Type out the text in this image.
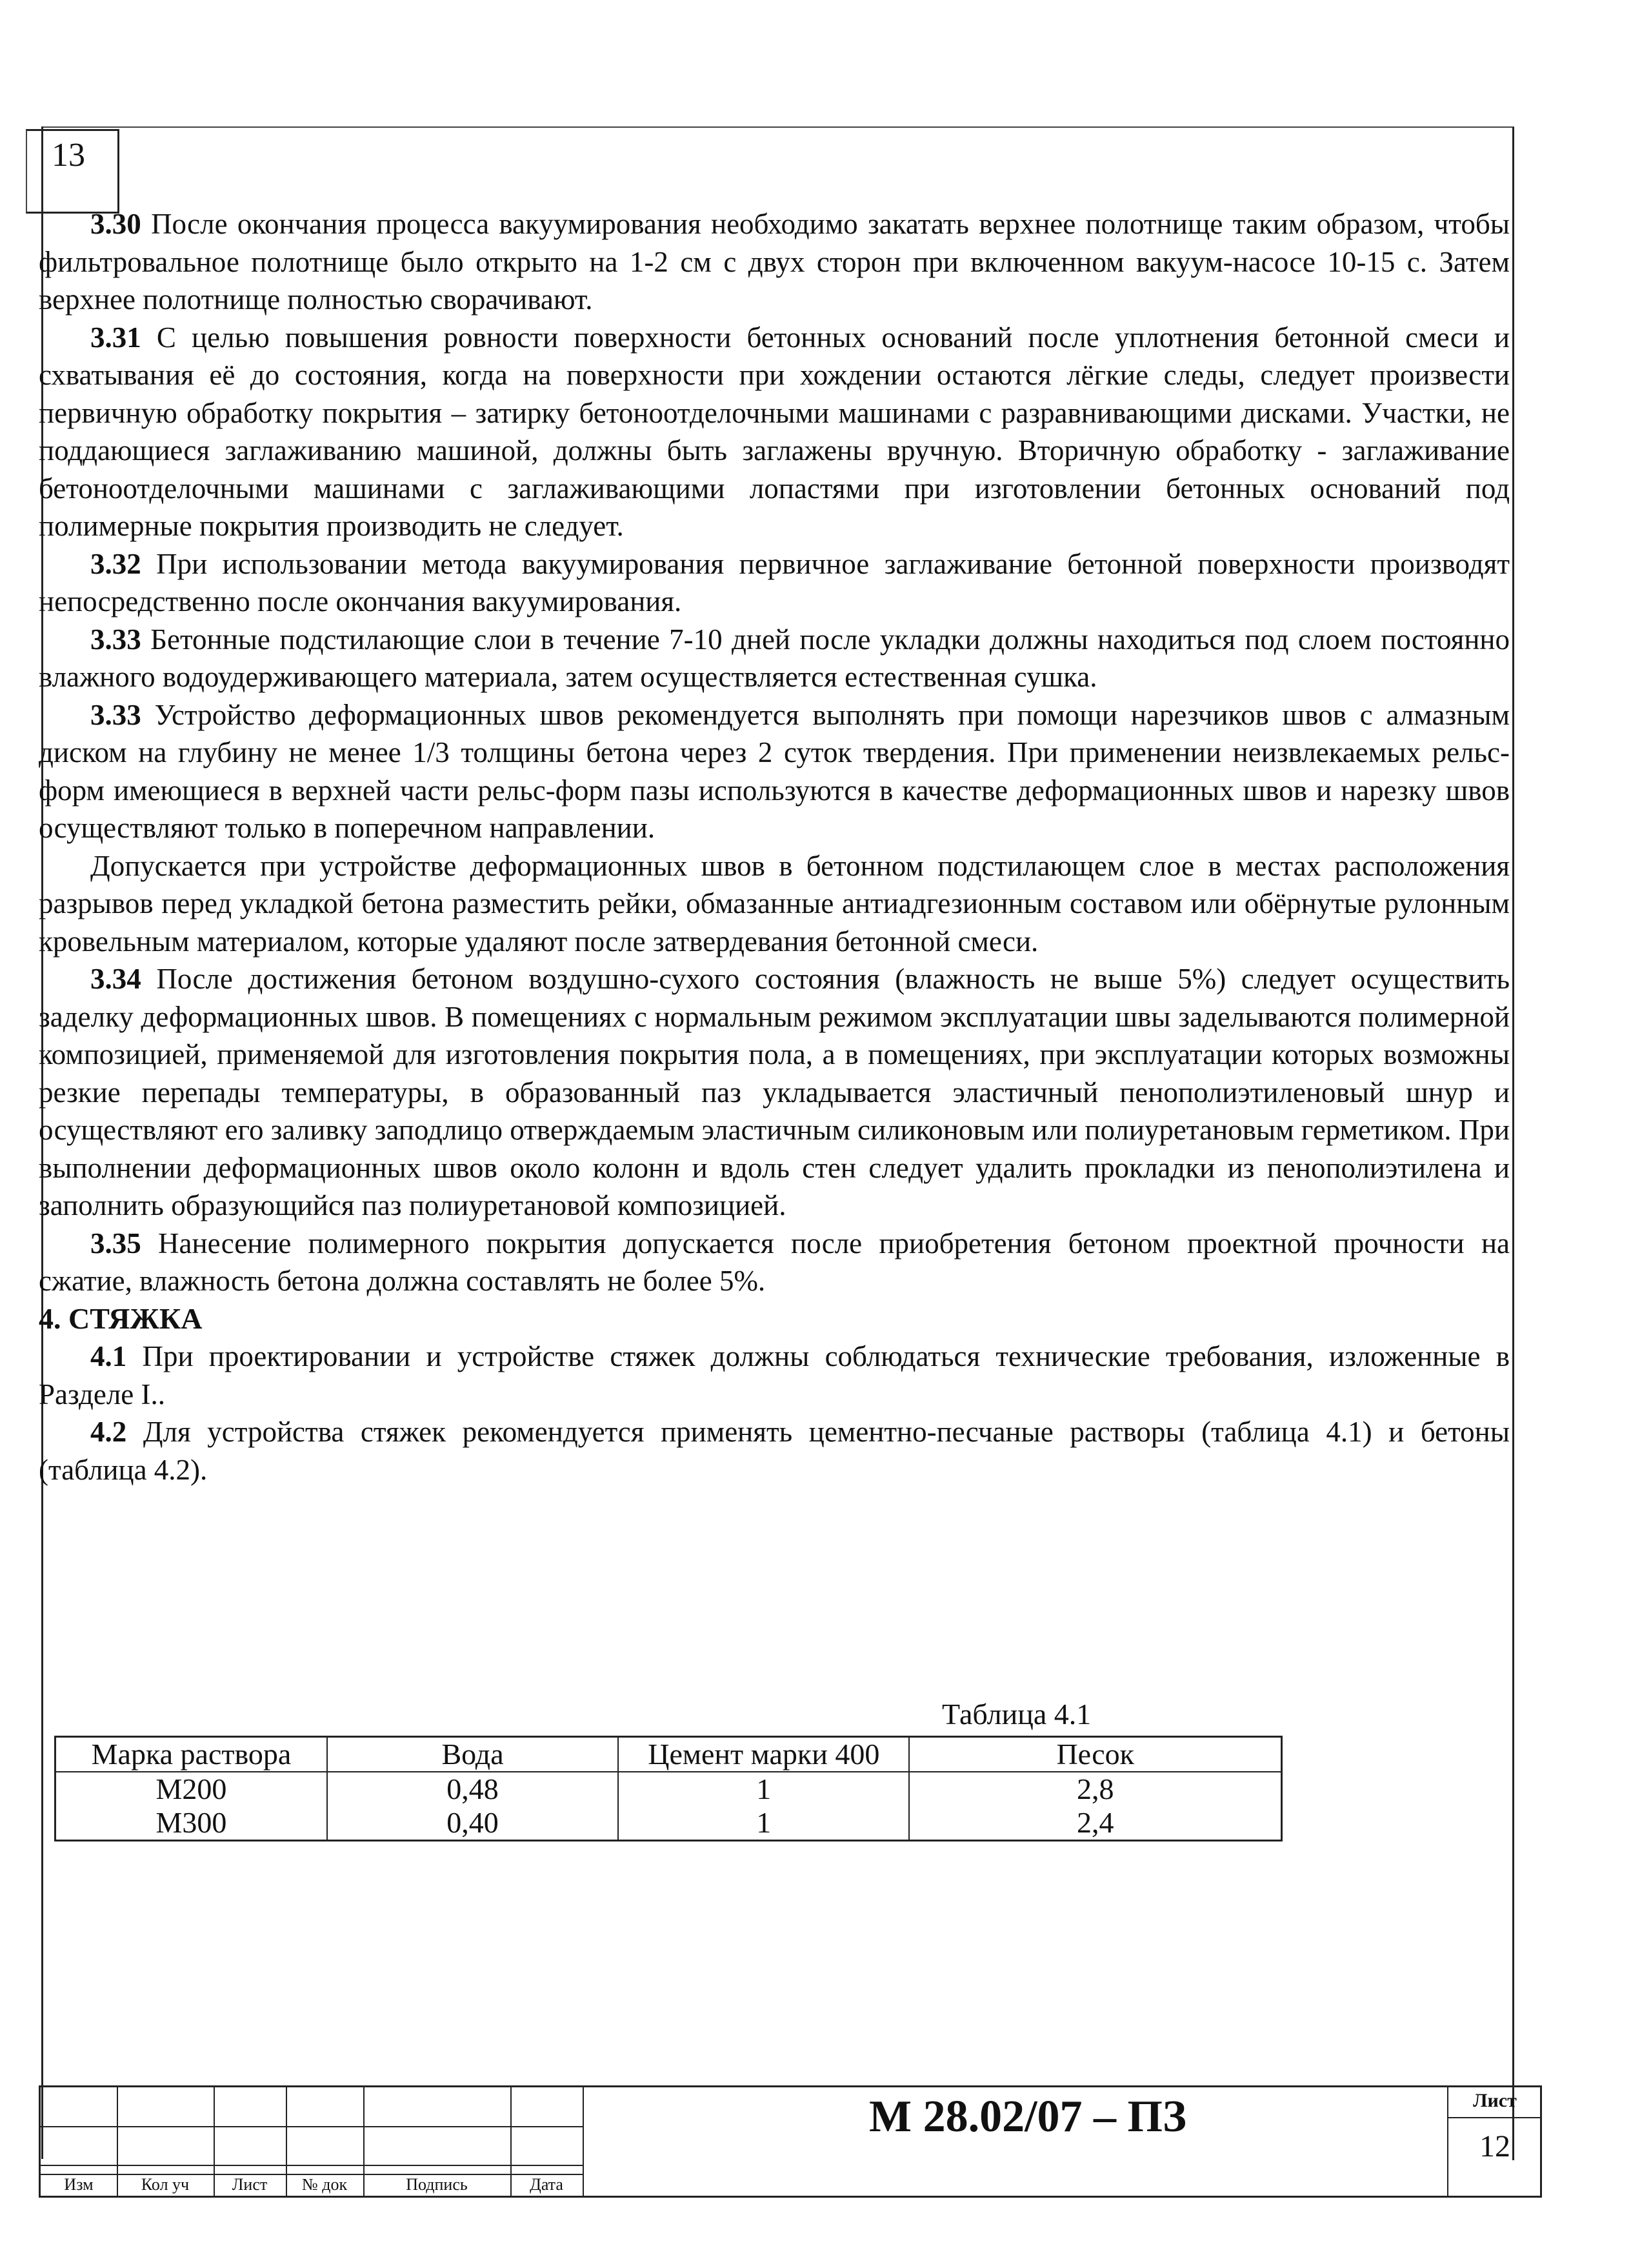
13

3.30 После окончания процесса вакуумирования необходимо закатать верхнее полотнище таким образом, чтобы фильтровальное полотнище было открыто на 1-2 см с двух сторон при включенном вакуум-насосе 10-15 с. Затем верхнее полотнище полностью сворачивают.

3.31 С целью повышения ровности поверхности бетонных оснований после уплотнения бетонной смеси и схватывания её до состояния, когда на поверхности при хождении остаются лёгкие следы, следует произвести первичную обработку покрытия – затирку бетоноотделочными машинами с разравнивающими дисками. Участки, не поддающиеся заглаживанию машиной, должны быть заглажены вручную. Вторичную обработку - заглаживание бетоноотделочными машинами с заглаживающими лопастями при изготовлении бетонных оснований под полимерные покрытия производить не следует.

3.32 При использовании метода вакуумирования первичное заглаживание бетонной поверхности производят непосредственно после окончания вакуумирования.

3.33 Бетонные подстилающие слои в течение 7-10 дней после укладки должны находиться под слоем постоянно влажного водоудерживающего материала, затем осуществляется естественная сушка.

3.33 Устройство деформационных швов рекомендуется выполнять при помощи нарезчиков швов с алмазным диском на глубину не менее 1/3 толщины бетона через 2 суток твердения. При применении неизвлекаемых рельс-форм имеющиеся в верхней части рельс-форм пазы используются в качестве деформационных швов и нарезку швов осуществляют только в поперечном направлении.

Допускается при устройстве деформационных швов в бетонном подстилающем слое в местах расположения разрывов перед укладкой бетона разместить рейки, обмазанные антиадгезионным составом или обёрнутые рулонным кровельным материалом, которые удаляют после затвердевания бетонной смеси.

3.34 После достижения бетоном воздушно-сухого состояния (влажность не выше 5%) следует осуществить заделку деформационных швов. В помещениях с нормальным режимом эксплуатации швы заделываются полимерной композицией, применяемой для изготовления покрытия пола, а в помещениях, при эксплуатации которых возможны резкие перепады температуры, в образованный паз укладывается эластичный пенополиэтиленовый шнур и осуществляют его заливку заподлицо отверждаемым эластичным силиконовым или полиуретановым герметиком. При выполнении деформационных швов около колонн и вдоль стен следует удалить прокладки из пенополиэтилена и заполнить образующийся паз полиуретановой композицией.

3.35 Нанесение полимерного покрытия допускается после приобретения бетоном проектной прочности на сжатие, влажность бетона должна составлять не более 5%.

4. СТЯЖКА

4.1 При проектировании и устройстве стяжек должны соблюдаться технические требования, изложенные в Разделе I..

4.2 Для устройства стяжек рекомендуется применять цементно-песчаные растворы (таблица 4.1) и бетоны (таблица 4.2).

Таблица 4.1
Марка раствора	Вода	Цемент марки 400	Песок
М200	0,48	1	2,8
М300	0,40	1	2,4
Изм	Кол уч	Лист	№ док	Подпись	Дата
М 28.02/07 – ПЗ	Лист
12
